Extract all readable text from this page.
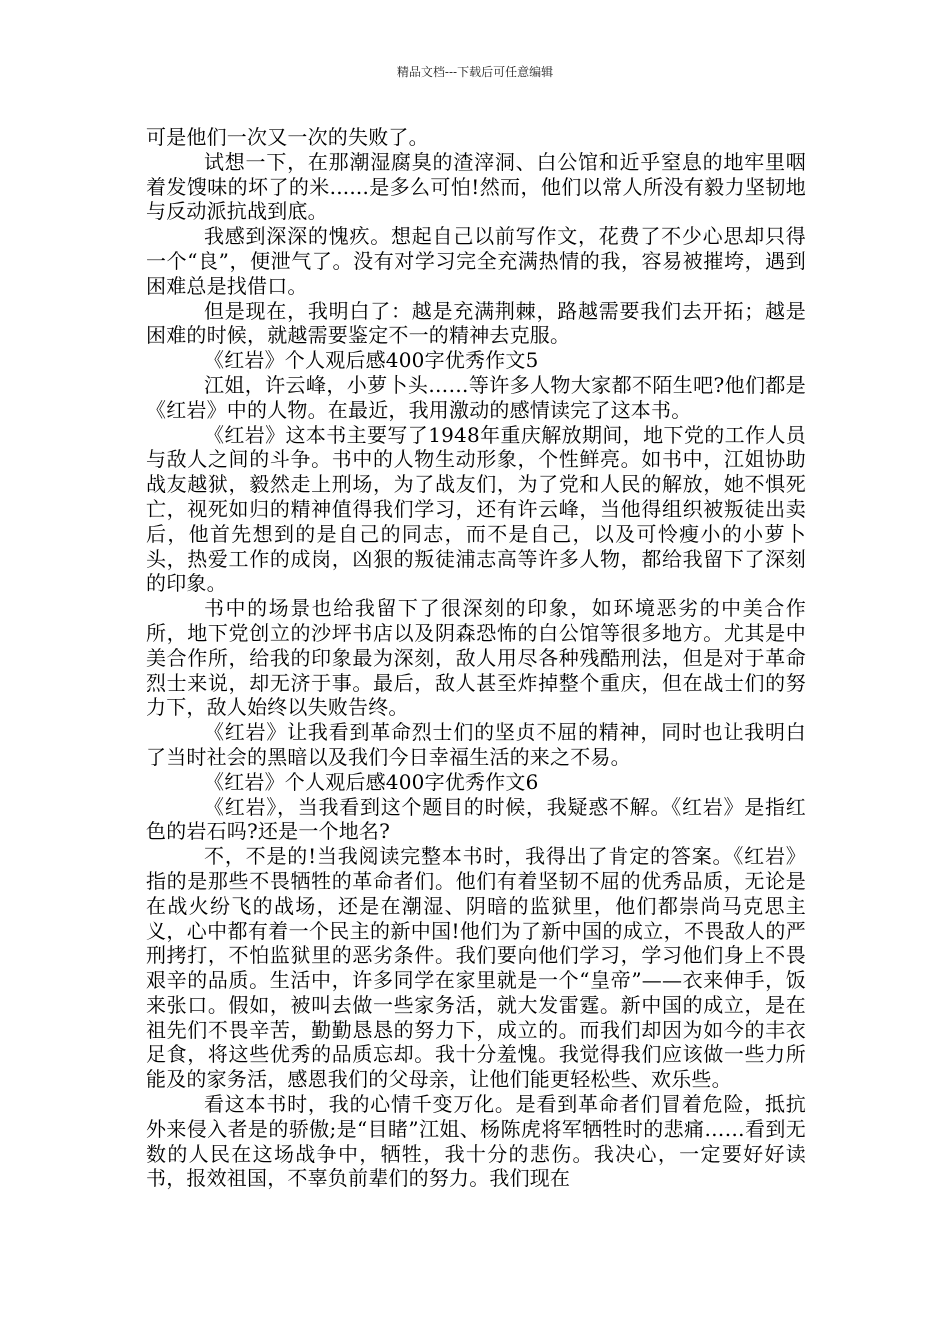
精品文档---下载后可任意编辑

可是他们一次又一次的失败了。

试想一下，在那潮湿腐臭的渣滓洞、白公馆和近乎窒息的地牢里咽着发馊味的坏了的米......是多么可怕!然而，他们以常人所没有毅力坚韧地与反动派抗战到底。

我感到深深的愧疚。想起自己以前写作文，花费了不少心思却只得一个“良”，便泄气了。没有对学习完全充满热情的我，容易被摧垮，遇到困难总是找借口。

但是现在，我明白了：越是充满荆棘，路越需要我们去开拓；越是困难的时候，就越需要鉴定不一的精神去克服。

《红岩》个人观后感400字优秀作文5

江姐，许云峰，小萝卜头……等许多人物大家都不陌生吧?他们都是《红岩》中的人物。在最近，我用激动的感情读完了这本书。

《红岩》这本书主要写了1948年重庆解放期间，地下党的工作人员与敌人之间的斗争。书中的人物生动形象，个性鲜亮。如书中，江姐协助战友越狱，毅然走上刑场，为了战友们，为了党和人民的解放，她不惧死亡，视死如归的精神值得我们学习，还有许云峰，当他得组织被叛徒出卖后，他首先想到的是自己的同志，而不是自己，以及可怜瘦小的小萝卜头，热爱工作的成岗，凶狠的叛徒浦志高等许多人物，都给我留下了深刻的印象。

书中的场景也给我留下了很深刻的印象，如环境恶劣的中美合作所，地下党创立的沙坪书店以及阴森恐怖的白公馆等很多地方。尤其是中美合作所，给我的印象最为深刻，敌人用尽各种残酷刑法，但是对于革命烈士来说，却无济于事。最后，敌人甚至炸掉整个重庆，但在战士们的努力下，敌人始终以失败告终。

《红岩》让我看到革命烈士们的坚贞不屈的精神，同时也让我明白了当时社会的黑暗以及我们今日幸福生活的来之不易。

《红岩》个人观后感400字优秀作文6

《红岩》，当我看到这个题目的时候，我疑惑不解。《红岩》是指红色的岩石吗?还是一个地名?

不，不是的!当我阅读完整本书时，我得出了肯定的答案。《红岩》指的是那些不畏牺牲的革命者们。他们有着坚韧不屈的优秀品质，无论是在战火纷飞的战场，还是在潮湿、阴暗的监狱里，他们都崇尚马克思主义，心中都有着一个民主的新中国!他们为了新中国的成立，不畏敌人的严刑拷打，不怕监狱里的恶劣条件。我们要向他们学习，学习他们身上不畏艰辛的品质。生活中，许多同学在家里就是一个“皇帝”——衣来伸手，饭来张口。假如，被叫去做一些家务活，就大发雷霆。新中国的成立，是在祖先们不畏辛苦，勤勤恳恳的努力下，成立的。而我们却因为如今的丰衣足食，将这些优秀的品质忘却。我十分羞愧。我觉得我们应该做一些力所能及的家务活，感恩我们的父母亲，让他们能更轻松些、欢乐些。

看这本书时，我的心情千变万化。是看到革命者们冒着危险，抵抗外来侵入者是的骄傲;是“目睹”江姐、杨陈虎将军牺牲时的悲痛……看到无数的人民在这场战争中，牺牲，我十分的悲伤。我决心，一定要好好读书，报效祖国，不辜负前辈们的努力。我们现在
